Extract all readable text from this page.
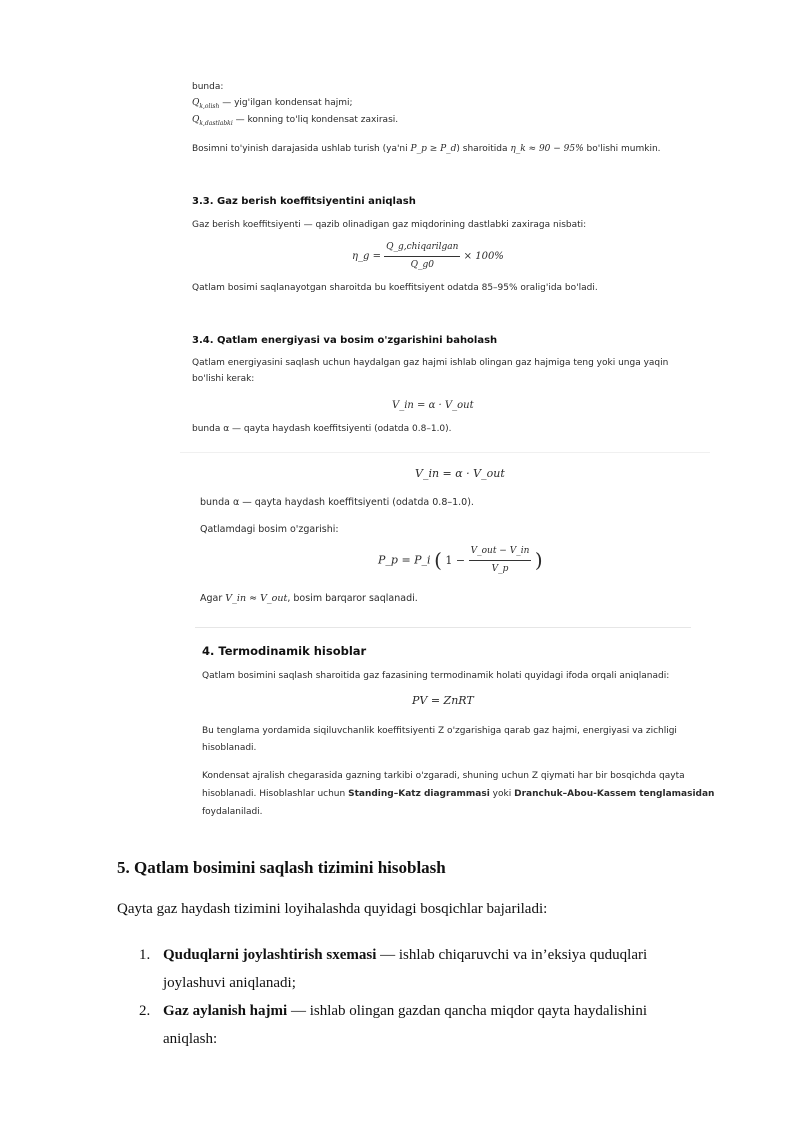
bunda:
$Q_{k,olish}$ — yig'ilgan kondensat hajmi;
$Q_{k,dastlabki}$ — konning to'liq kondensat zaxirasi.
Bosimni to'yinish darajasida ushlab turish (ya'ni P_p ≥ P_d) sharoitida η_k ≈ 90 − 95% bo'lishi mumkin.
3.3. Gaz berish koeffitsiyentini aniqlash
Gaz berish koeffitsiyenti — qazib olinadigan gaz miqdorining dastlabki zaxiraga nisbati:
η_g = $\frac{\text{Q\_g,chiqarilgan}}{Q\_g0} \times 100\%$
Qatlam bosimi saqlanayotgan sharoitda bu koeffitsiyent odatda 85–95% oralig'ida bo'ladi.
3.4. Qatlam energiyasi va bosim o'zgarishini baholash
Qatlam energiyasini saqlash uchun haydalgan gaz hajmi ishlab olingan gaz hajmiga teng yoki unga yaqin
bo'lishi kerak:
V_in = α · V_out
bunda α — qayta haydash koeffitsiyenti (odatda 0.8–1.0).
V_in = α · V_out
bunda α — qayta haydash koeffitsiyenti (odatda 0.8–1.0).
Qatlamdagi bosim o'zgarishi:
P_p = P_i ( $1 - \frac{\text{V\_out − V\_in}}{V\_p}$ )
Agar V_in ≈ V_out, bosim barqaror saqlanadi.
4. Termodinamik hisoblar
Qatlam bosimini saqlash sharoitida gaz fazasining termodinamik holati quyidagi ifoda orqali aniqlanadi:
PV = ZnRT
Bu tenglama yordamida siqiluvchanlik koeffitsiyenti Z o'zgarishiga qarab gaz hajmi, energiyasi va zichligi
hisoblanadi.
Kondensat ajralish chegarasida gazning tarkibi o'zgaradi, shuning uchun Z qiymati har bir bosqichda qayta
hisoblanadi. Hisoblashlar uchun Standing–Katz diagrammasi yoki Dranchuk–Abou-Kassem tenglamasidan
foydalaniladi.
5. Qatlam bosimini saqlash tizimini hisoblash
Qayta gaz haydash tizimini loyihalashda quyidagi bosqichlar bajariladi:
1. Quduqlarni joylashtirish sxemasi — ishlab chiqaruvchi va in’eksiya quduqlari
joylashuvi aniqlanadi;
2. Gaz aylanish hajmi — ishlab olingan gazdan qancha miqdor qayta haydalishini
aniqlash:
